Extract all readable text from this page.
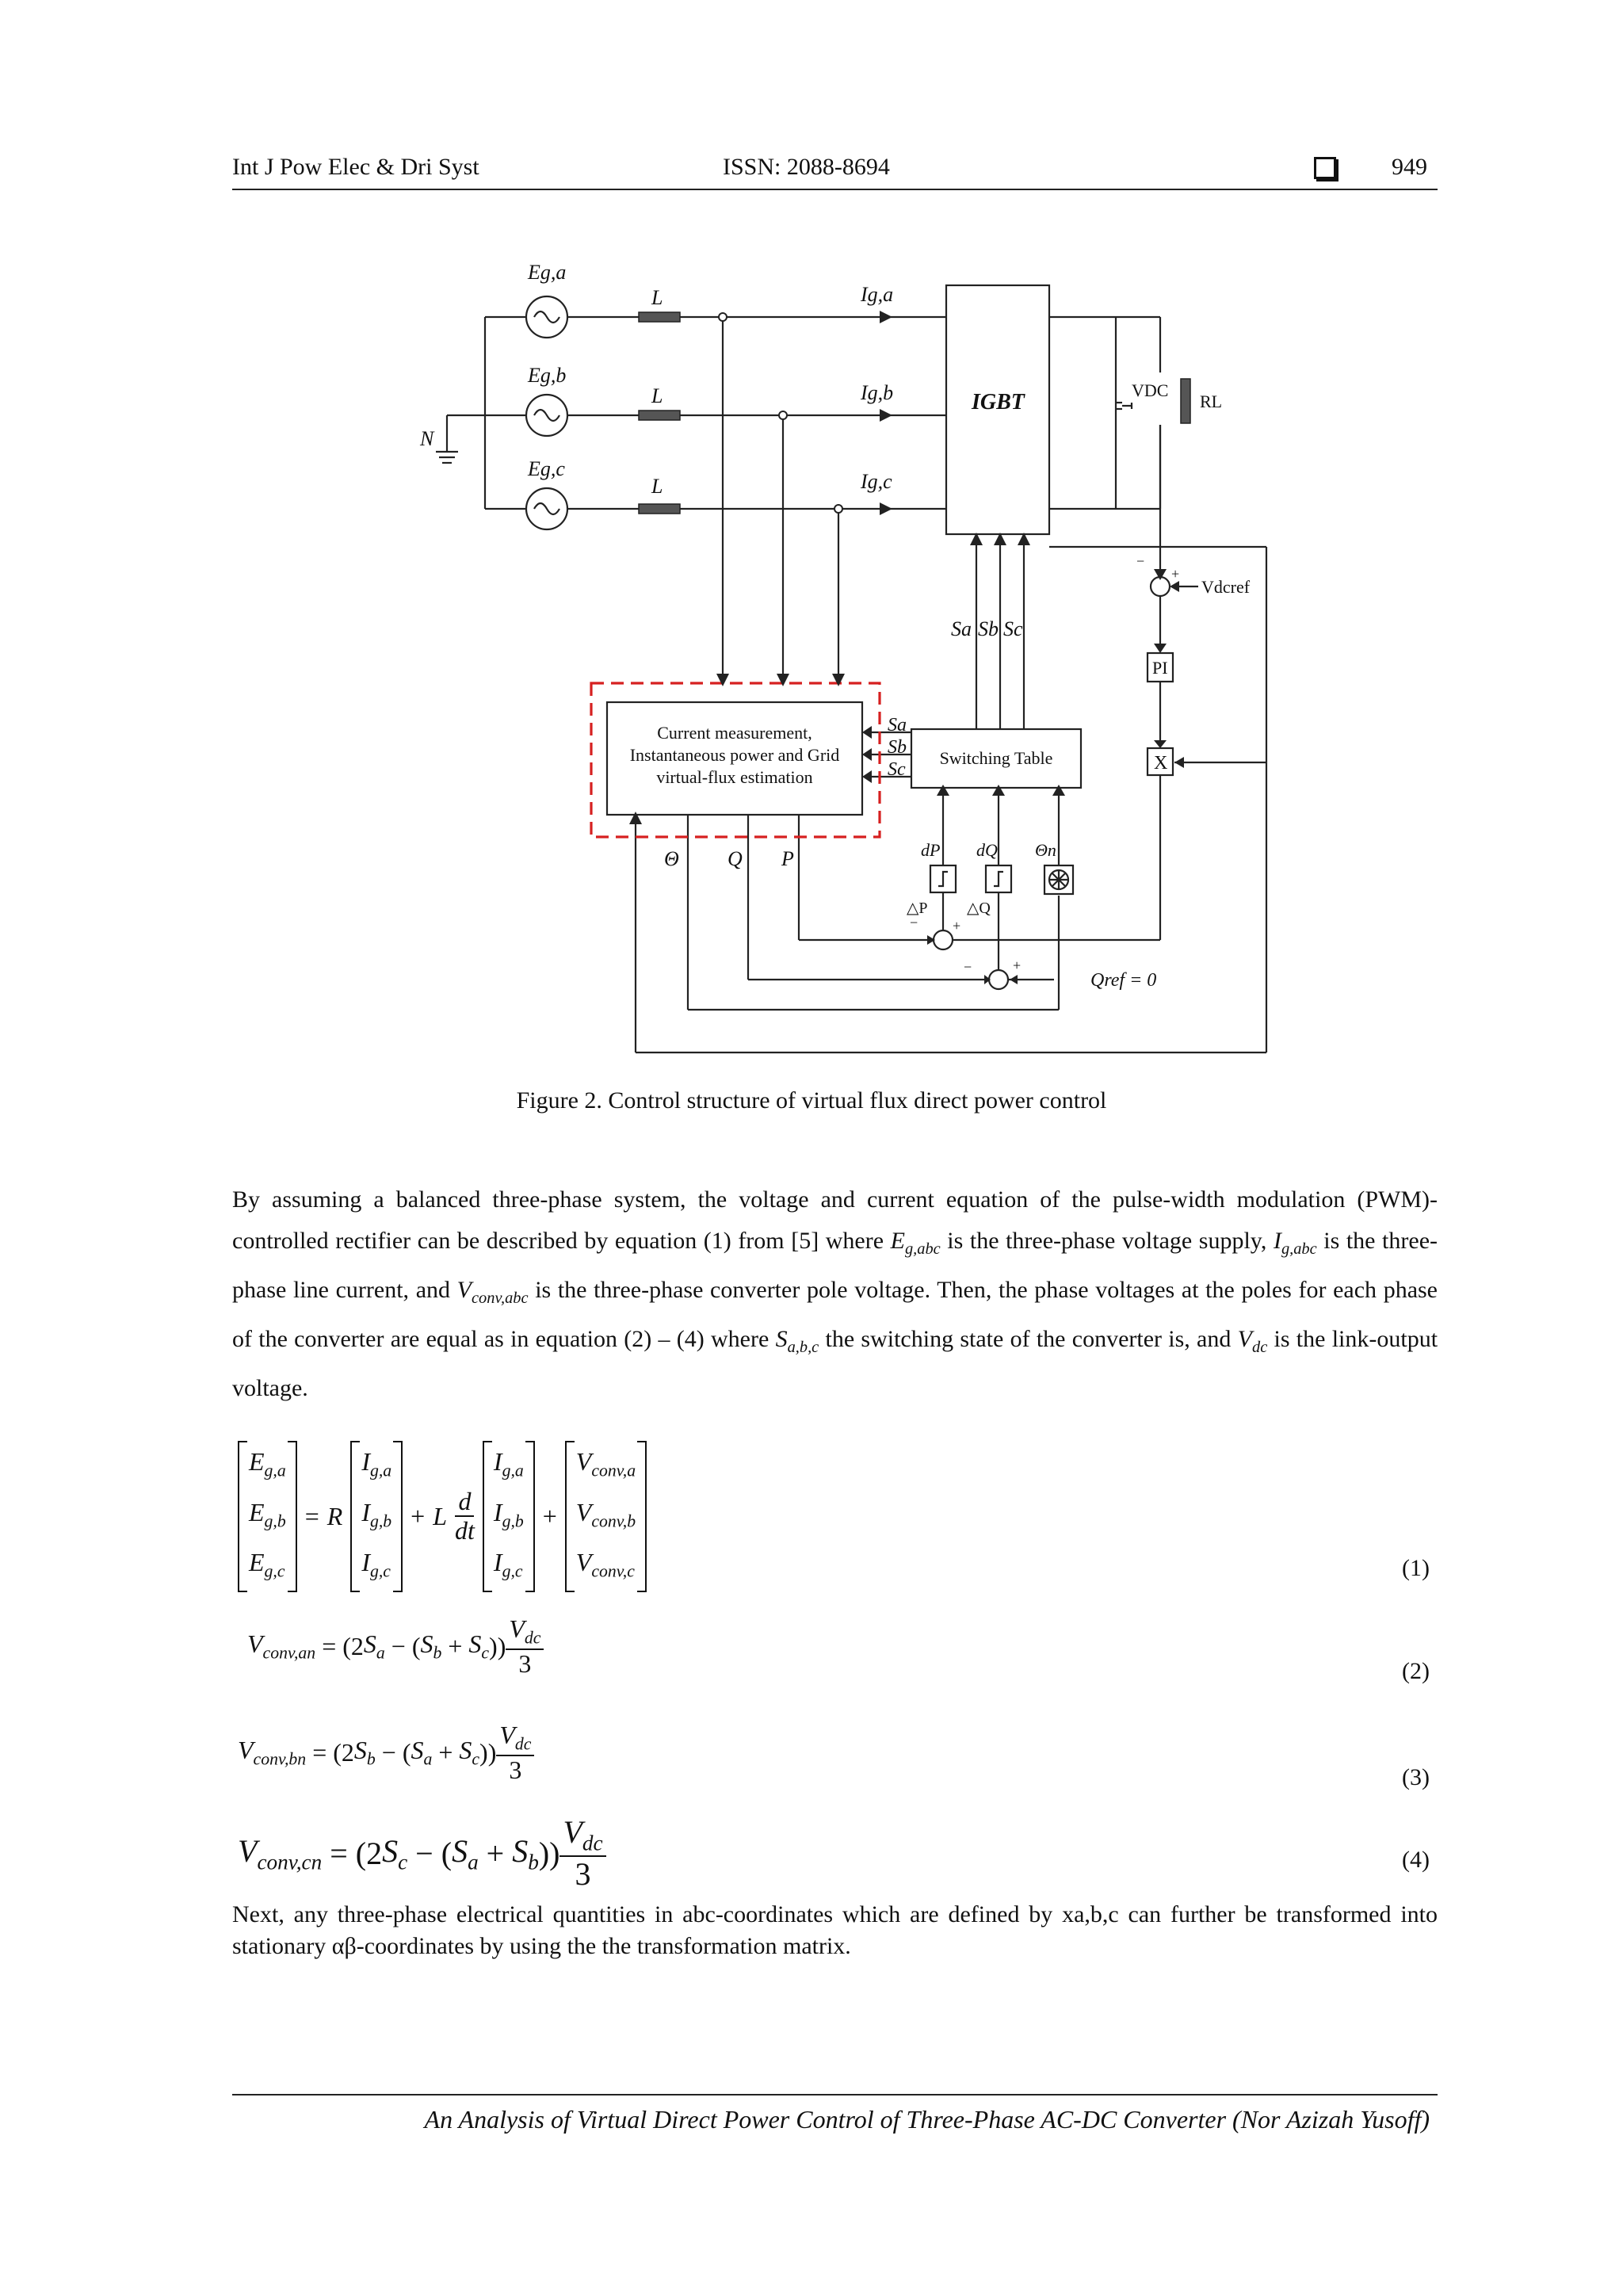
Int J Pow Elec & Dri Syst	ISSN: 2088-8694	949
Eg,a
Eg,b
Eg,c
L
L
L
N
Ig,a
Ig,b
Ig,c
IGBT	VDC
RL
Vdcref
PI
X
Sa Sb Sc
Sa
Sb
Sc
Current measurement,
Instantaneous power and Grid
virtual-flux estimation
Switching Table
Θ Q P	dP dQ Θn
△P △Q
Qref = 0
−
+
− +
−	+
Figure 2. Control structure of virtual flux direct power control

By assuming a balanced three-phase system, the voltage and current equation of the pulse-width modulation (PWM)-controlled rectifier can be described by equation (1) from [5] where $E_{g,abc}$ is the three-phase voltage supply, $I_{g,abc}$ is the three-phase line current, and $V_{conv,abc}$ is the three-phase converter pole voltage. Then, the phase voltages at the poles for each phase of the converter are equal as in equation (2) – (4) where $S_{a,b,c}$ the switching state of the converter is, and $V_{dc}$ is the link-output voltage.

$E_{g,a}$
$E_{g,b}$
$E_{g,c}$
= R
$I_{g,a}$
$I_{g,b}$
$I_{g,c}$
+ L $\frac{d}{dt}$
$I_{g,a}$
$I_{g,b}$
$I_{g,c}$
+
$V_{conv,a}$
$V_{conv,b}$
$V_{conv,c}$	(1)
$V_{conv,an} = (2$ $S_a$ − ( $S_b + S_c$ )) $\frac{V_{dc}}{3}$	(2)
$V_{conv,bn} = (2$ $S_b$ − ( $S_a + S_c$ )) $\frac{V_{dc}}{3}$	(3)
$V_{conv,cn} = (2$ $S_c$ − ( $S_a + S_b$ )) $\frac{V_{dc}}{3}$	(4)
Next, any three-phase electrical quantities in abc-coordinates which are defined by xa,b,c can further be transformed into stationary αβ-coordinates by using the the transformation matrix.
An Analysis of Virtual Direct Power Control of Three-Phase AC-DC Converter (Nor Azizah Yusoff)
